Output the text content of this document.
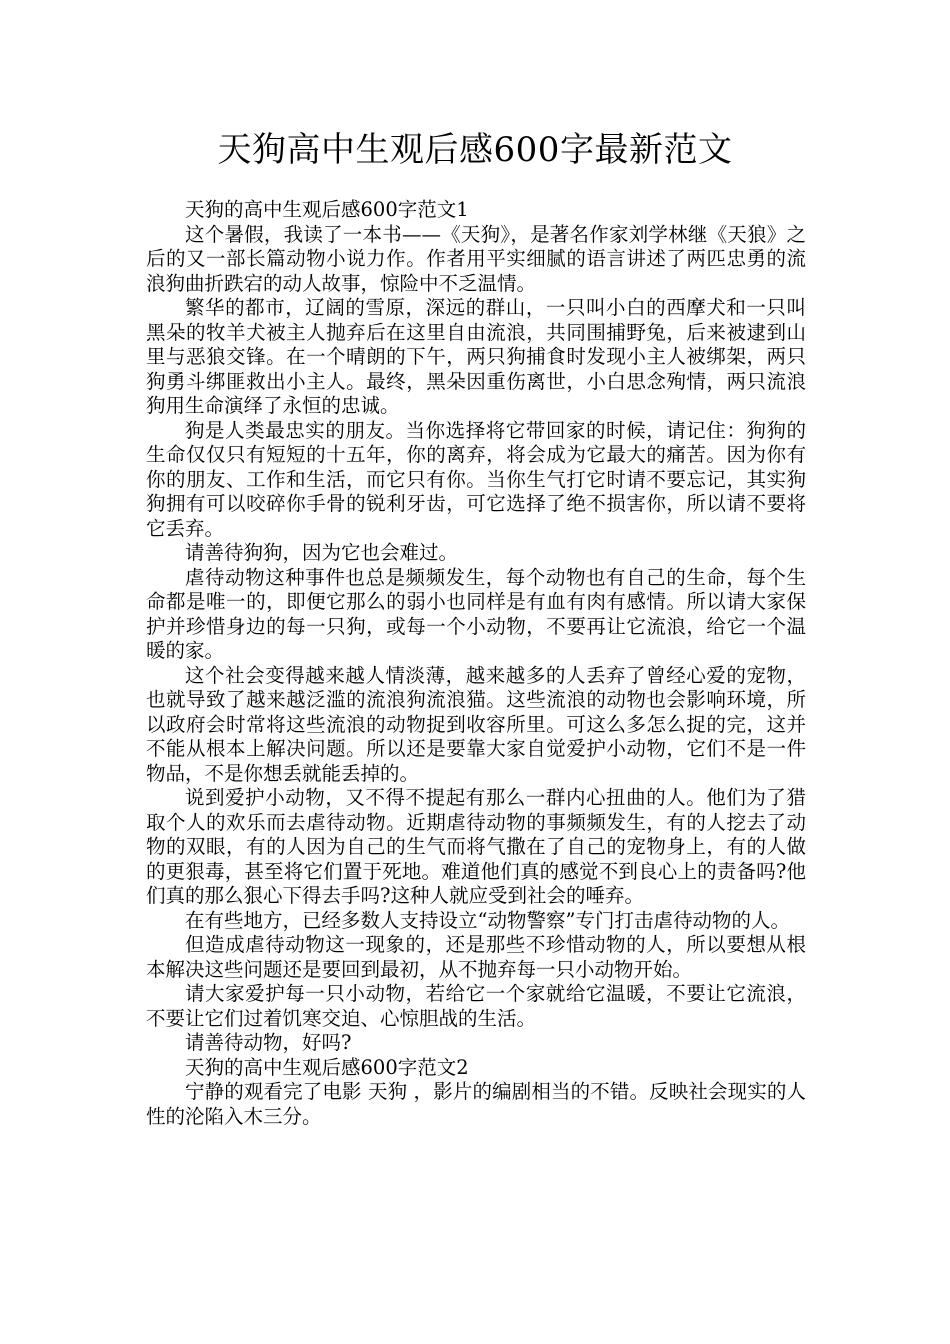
天狗高中生观后感600字最新范文

天狗的高中生观后感600字范文1

这个暑假，我读了一本书——《天狗》，是著名作家刘学林继《天狼》之后的又一部长篇动物小说力作。作者用平实细腻的语言讲述了两匹忠勇的流浪狗曲折跌宕的动人故事，惊险中不乏温情。

繁华的都市，辽阔的雪原，深远的群山，一只叫小白的西摩犬和一只叫黑朵的牧羊犬被主人抛弃后在这里自由流浪，共同围捕野兔，后来被逮到山里与恶狼交锋。在一个晴朗的下午，两只狗捕食时发现小主人被绑架，两只狗勇斗绑匪救出小主人。最终，黑朵因重伤离世，小白思念殉情，两只流浪狗用生命演绎了永恒的忠诚。

狗是人类最忠实的朋友。当你选择将它带回家的时候，请记住：狗狗的生命仅仅只有短短的十五年，你的离弃，将会成为它最大的痛苦。因为你有你的朋友、工作和生活，而它只有你。当你生气打它时请不要忘记，其实狗狗拥有可以咬碎你手骨的锐利牙齿，可它选择了绝不损害你，所以请不要将它丢弃。

请善待狗狗，因为它也会难过。

虐待动物这种事件也总是频频发生，每个动物也有自己的生命，每个生命都是唯一的，即便它那么的弱小也同样是有血有肉有感情。所以请大家保护并珍惜身边的每一只狗，或每一个小动物，不要再让它流浪，给它一个温暖的家。

这个社会变得越来越人情淡薄，越来越多的人丢弃了曾经心爱的宠物，也就导致了越来越泛滥的流浪狗流浪猫。这些流浪的动物也会影响环境，所以政府会时常将这些流浪的动物捉到收容所里。可这么多怎么捉的完，这并不能从根本上解决问题。所以还是要靠大家自觉爱护小动物，它们不是一件物品，不是你想丢就能丢掉的。

说到爱护小动物，又不得不提起有那么一群内心扭曲的人。他们为了猎取个人的欢乐而去虐待动物。近期虐待动物的事频频发生，有的人挖去了动物的双眼，有的人因为自己的生气而将气撒在了自己的宠物身上，有的人做的更狠毒，甚至将它们置于死地。难道他们真的感觉不到良心上的责备吗?他们真的那么狠心下得去手吗?这种人就应受到社会的唾弃。

在有些地方，已经多数人支持设立“动物警察”专门打击虐待动物的人。

但造成虐待动物这一现象的，还是那些不珍惜动物的人，所以要想从根本解决这些问题还是要回到最初，从不抛弃每一只小动物开始。

请大家爱护每一只小动物，若给它一个家就给它温暖，不要让它流浪，不要让它们过着饥寒交迫、心惊胆战的生活。

请善待动物，好吗?

天狗的高中生观后感600字范文2

宁静的观看完了电影 天狗 ，影片的编剧相当的不错。反映社会现实的人性的沦陷入木三分。
